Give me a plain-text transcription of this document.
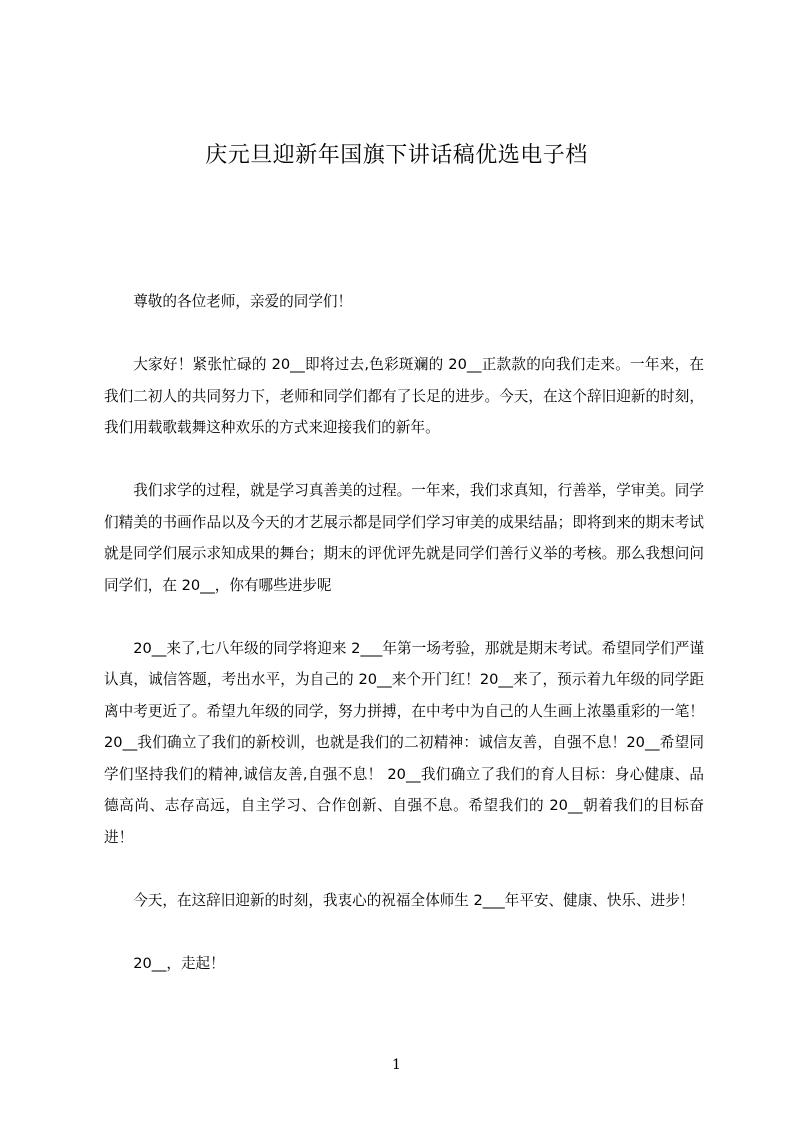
庆元旦迎新年国旗下讲话稿优选电子档

尊敬的各位老师，亲爱的同学们！

大家好！紧张忙碌的 20__即将过去,色彩斑斓的 20__正款款的向我们走来。一年来，在我们二初人的共同努力下，老师和同学们都有了长足的进步。今天，在这个辞旧迎新的时刻，我们用载歌载舞这种欢乐的方式来迎接我们的新年。

我们求学的过程，就是学习真善美的过程。一年来，我们求真知，行善举，学审美。同学们精美的书画作品以及今天的才艺展示都是同学们学习审美的成果结晶；即将到来的期末考试就是同学们展示求知成果的舞台；期末的评优评先就是同学们善行义举的考核。那么我想问问同学们，在 20__，你有哪些进步呢

20__来了,七八年级的同学将迎来 2___年第一场考验，那就是期末考试。希望同学们严谨认真，诚信答题，考出水平，为自己的 20__来个开门红！20__来了，预示着九年级的同学距离中考更近了。希望九年级的同学，努力拼搏，在中考中为自己的人生画上浓墨重彩的一笔！20__我们确立了我们的新校训，也就是我们的二初精神：诚信友善，自强不息！20__希望同学们坚持我们的精神,诚信友善,自强不息！ 20__我们确立了我们的育人目标：身心健康、品德高尚、志存高远，自主学习、合作创新、自强不息。希望我们的 20__朝着我们的目标奋进！

今天，在这辞旧迎新的时刻，我衷心的祝福全体师生 2___年平安、健康、快乐、进步！

20__，走起！

1
